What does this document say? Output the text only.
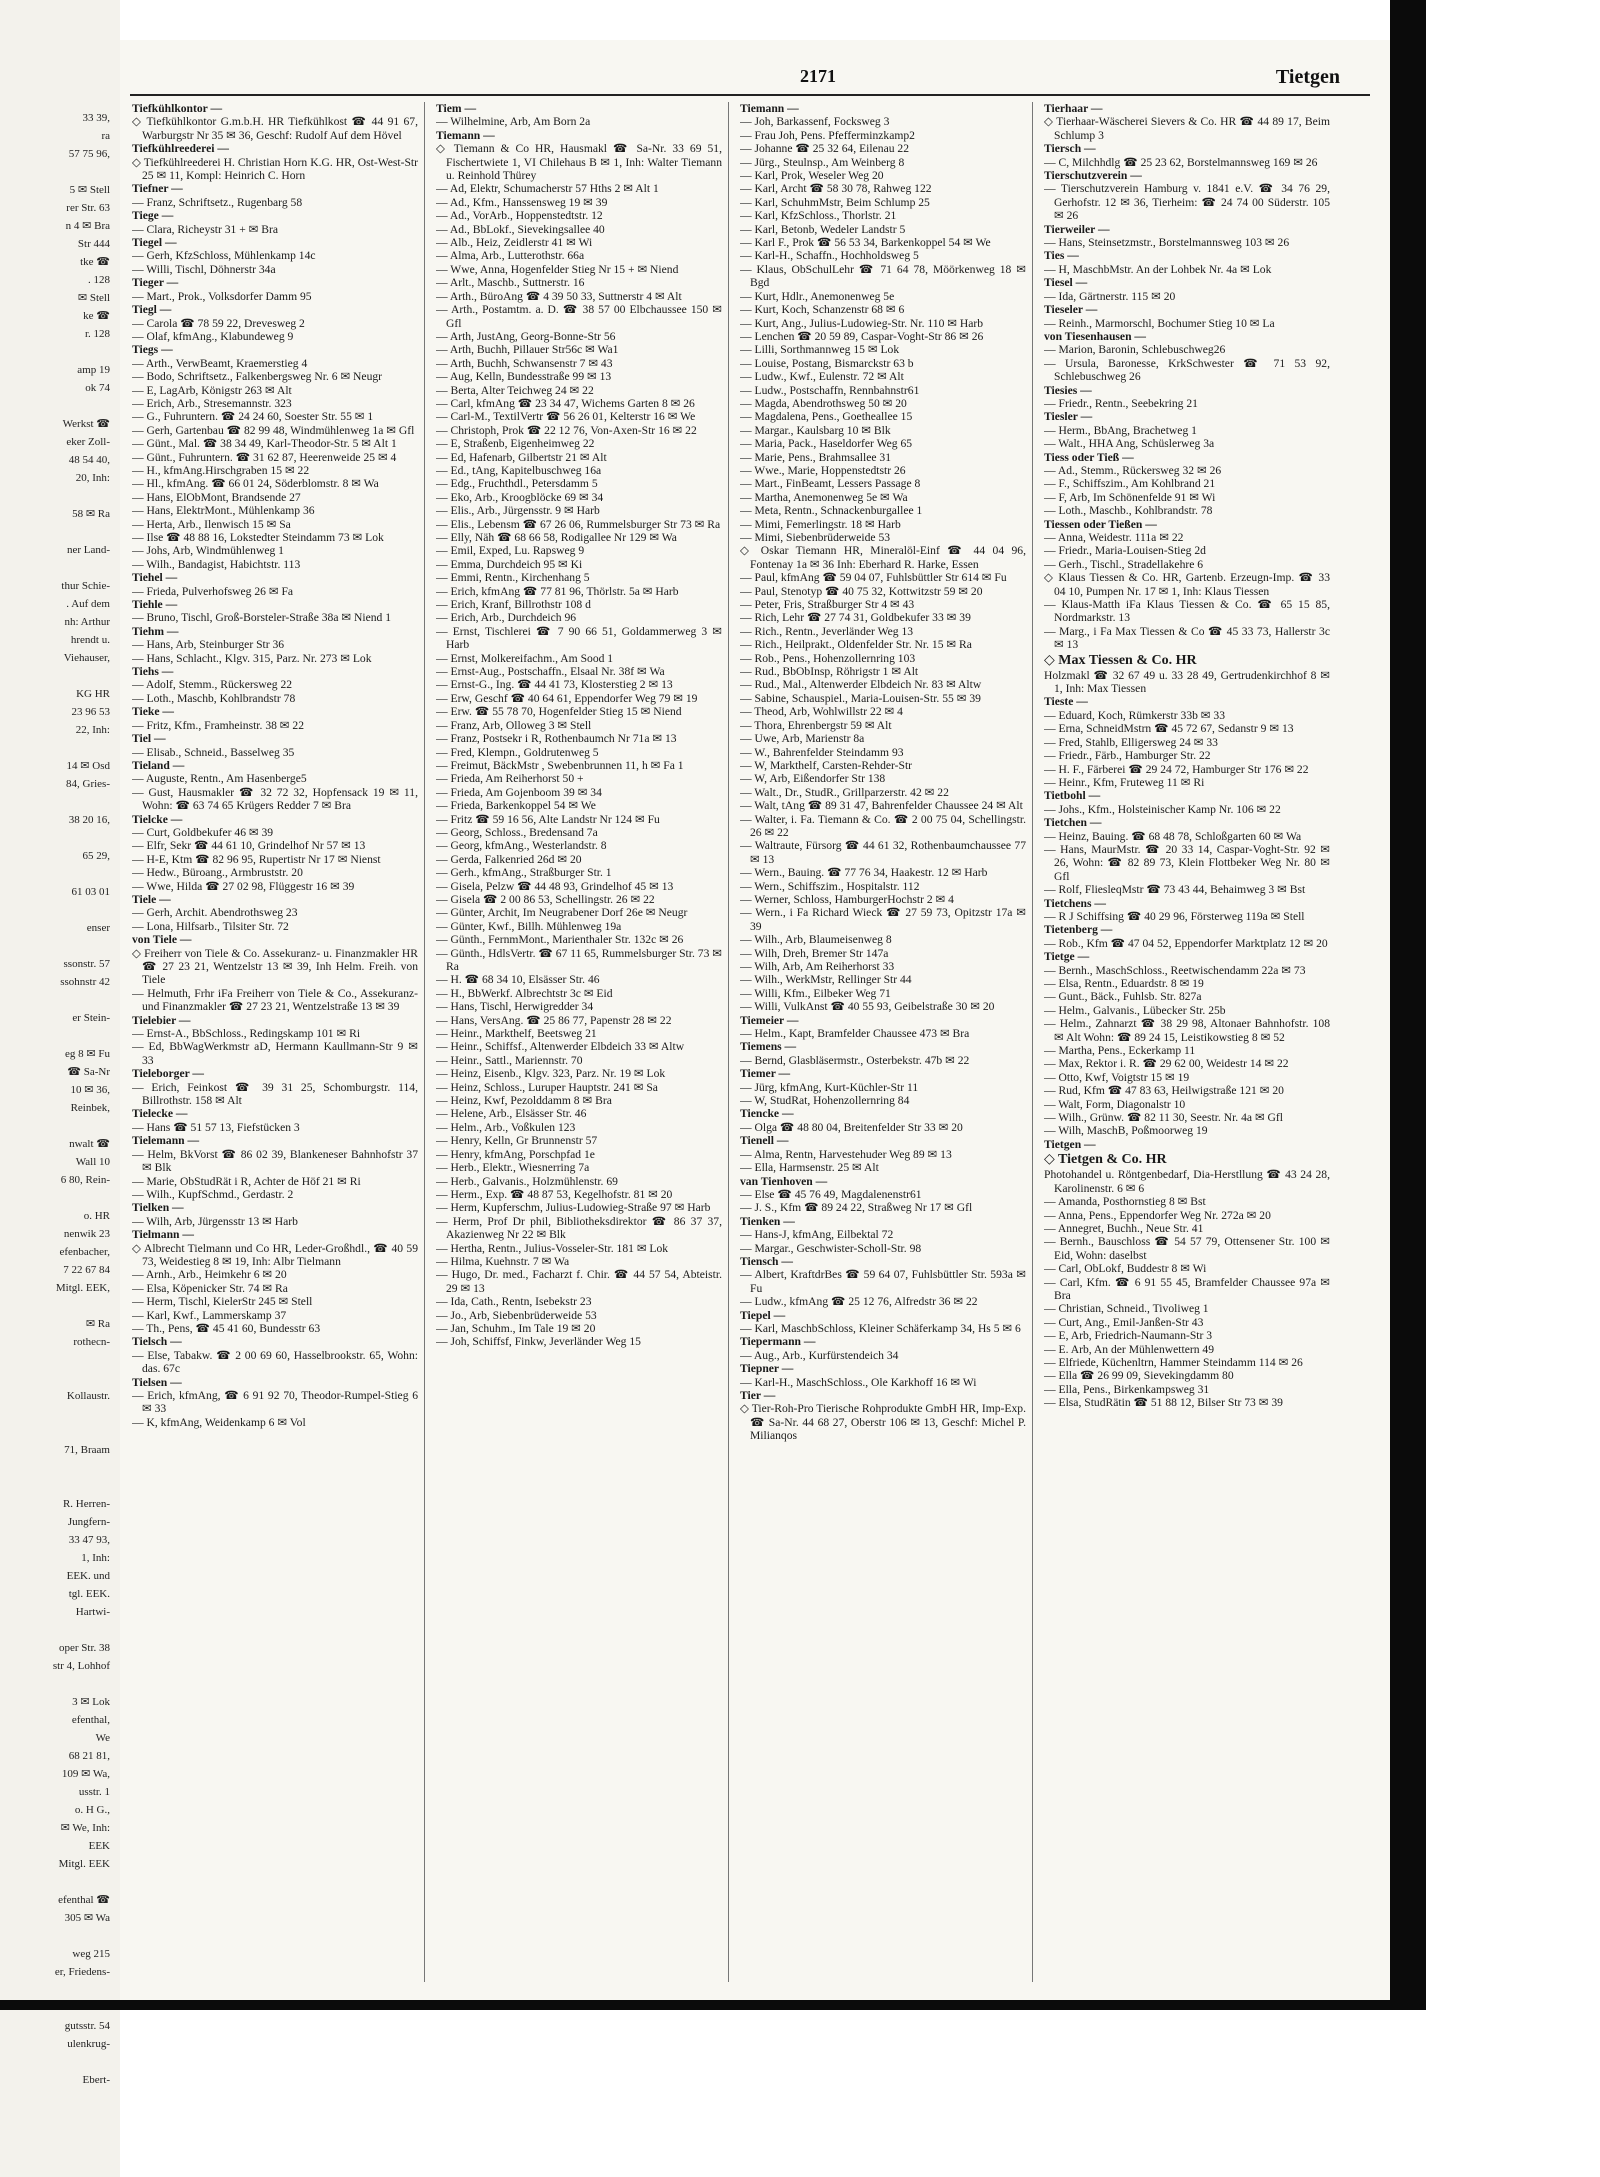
33 39,
ra
57 75 96,
5 ✉ Stell
rer Str. 63
n 4 ✉ Bra
Str 444
tke ☎
. 128
✉ Stell
ke ☎
r. 128
amp 19
ok 74
Werkst ☎
eker Zoll-
48 54 40,
20, Inh:
58 ✉ Ra
ner Land-
thur Schie-
. Auf dem
nh: Arthur
hrendt u.
Viehauser,
KG HR
23 96 53
22, Inh:
14 ✉ Osd
84, Gries-
38 20 16,
65 29,
61 03 01
enser
ssonstr. 57
ssohnstr 42
er Stein-
eg 8 ✉ Fu
☎ Sa-Nr
10 ✉ 36,
Reinbek,
nwalt ☎
Wall 10
6 80, Rein-
o. HR
nenwik 23
efenbacher,
7 22 67 84
Mitgl. EEK,
✉ Ra
rothecn-
Kollaustr.
71, Braam
R. Herren-
Jungfern-
33 47 93,
1, Inh:
EEK. und
tgl. EEK.
Hartwi-
oper Str. 38
str 4, Lohhof
3 ✉ Lok
efenthal,
We
68 21 81,
109 ✉ Wa,
usstr. 1
o. H G.,
✉ We, Inh:
EEK
Mitgl. EEK
efenthal ☎
305 ✉ Wa
weg 215
er, Friedens-
gutsstr. 54
ulenkrug-
Ebert-
2171	Tietgen

Tiefkühlkontor —

◇ Tiefkühlkontor G.m.b.H. HR Tiefkühlkost ☎ 44 91 67, Warburgstr Nr 35 ✉ 36, Geschf: Rudolf Auf dem Hövel

Tiefkühlreederei —

◇ Tiefkühlreederei H. Christian Horn K.G. HR, Ost-West-Str 25 ✉ 11, Kompl: Heinrich C. Horn

Tiefner —

— Franz, Schriftsetz., Rugenbarg 58

Tiege —

— Clara, Richeystr 31 + ✉ Bra

Tiegel —

— Gerh, KfzSchloss, Mühlenkamp 14c

— Willi, Tischl, Döhnerstr 34a

Tieger —

— Mart., Prok., Volksdorfer Damm 95

Tiegl —

— Carola ☎ 78 59 22, Drevesweg 2

— Olaf, kfmAng., Klabundeweg 9

Tiegs —

— Arth., VerwBeamt, Kraemerstieg 4

— Bodo, Schriftsetz., Falkenbergsweg Nr. 6 ✉ Neugr

— E, LagArb, Königstr 263 ✉ Alt

— Erich, Arb., Stresemannstr. 323

— G., Fuhruntern. ☎ 24 24 60, Soester Str. 55 ✉ 1

— Gerh, Gartenbau ☎ 82 99 48, Windmühlenweg 1a ✉ Gfl

— Günt., Mal. ☎ 38 34 49, Karl-Theodor-Str. 5 ✉ Alt 1

— Günt., Fuhruntern. ☎ 31 62 87, Heerenweide 25 ✉ 4

— H., kfmAng.Hirschgraben 15 ✉ 22

— Hl., kfmAng. ☎ 66 01 24, Söderblomstr. 8 ✉ Wa

— Hans, ElObMont, Brandsende 27

— Hans, ElektrMont., Mühlenkamp 36

— Herta, Arb., Ilenwisch 15 ✉ Sa

— Ilse ☎ 48 88 16, Lokstedter Steindamm 73 ✉ Lok

— Johs, Arb, Windmühlenweg 1

— Wilh., Bandagist, Habichtstr. 113

Tiehel —

— Frieda, Pulverhofsweg 26 ✉ Fa

Tiehle —

— Bruno, Tischl, Groß-Borsteler-Straße 38a ✉ Niend 1

Tiehm —

— Hans, Arb, Steinburger Str 36

— Hans, Schlacht., Klgv. 315, Parz. Nr. 273 ✉ Lok

Tiehs —

— Adolf, Stemm., Rückersweg 22

— Loth., Maschb, Kohlbrandstr 78

Tieke —

— Fritz, Kfm., Framheinstr. 38 ✉ 22

Tiel —

— Elisab., Schneid., Basselweg 35

Tieland —

— Auguste, Rentn., Am Hasenberge5

— Gust, Hausmakler ☎ 32 72 32, Hopfensack 19 ✉ 11, Wohn: ☎ 63 74 65 Krügers Redder 7 ✉ Bra

Tielcke —

— Curt, Goldbekufer 46 ✉ 39

— Elfr, Sekr ☎ 44 61 10, Grindelhof Nr 57 ✉ 13

— H-E, Ktm ☎ 82 96 95, Rupertistr Nr 17 ✉ Nienst

— Hedw., Büroang., Armbruststr. 20

— Wwe, Hilda ☎ 27 02 98, Flüggestr 16 ✉ 39

Tiele —

— Gerh, Archit. Abendrothsweg 23

— Lona, Hilfsarb., Tilsiter Str. 72

von Tiele —

◇ Freiherr von Tiele & Co. Assekuranz- u. Finanzmakler HR ☎ 27 23 21, Wentzelstr 13 ✉ 39, Inh Helm. Freih. von Tiele

— Helmuth, Frhr iFa Freiherr von Tiele & Co., Assekuranz- und Finanzmakler ☎ 27 23 21, Wentzelstraße 13 ✉ 39

Tielebier —

— Ernst-A., BbSchloss., Redingskamp 101 ✉ Ri

— Ed, BbWagWerkmstr aD, Hermann Kaullmann-Str 9 ✉ 33

Tieleborger —

— Erich, Feinkost ☎ 39 31 25, Schomburgstr. 114, Billrothstr. 158 ✉ Alt

Tielecke —

— Hans ☎ 51 57 13, Fiefstücken 3

Tielemann —

— Helm, BkVorst ☎ 86 02 39, Blankeneser Bahnhofstr 37 ✉ Blk

— Marie, ObStudRät i R, Achter de Höf 21 ✉ Ri

— Wilh., KupfSchmd., Gerdastr. 2

Tielken —

— Wilh, Arb, Jürgensstr 13 ✉ Harb

Tielmann —

◇ Albrecht Tielmann und Co HR, Leder-Großhdl., ☎ 40 59 73, Weidestieg 8 ✉ 19, Inh: Albr Tielmann

— Arnh., Arb., Heimkehr 6 ✉ 20

— Elsa, Köpenicker Str. 74 ✉ Ra

— Herm, Tischl, KielerStr 245 ✉ Stell

— Karl, Kwf., Lammerskamp 37

— Th., Pens, ☎ 45 41 60, Bundesstr 63

Tielsch —

— Else, Tabakw. ☎ 2 00 69 60, Hasselbrookstr. 65, Wohn: das. 67c

Tielsen —

— Erich, kfmAng, ☎ 6 91 92 70, Theodor-Rumpel-Stieg 6 ✉ 33

— K, kfmAng, Weidenkamp 6 ✉ Vol

Tiem —

— Wilhelmine, Arb, Am Born 2a

Tiemann —

◇ Tiemann & Co HR, Hausmakl ☎ Sa-Nr. 33 69 51, Fischertwiete 1, VI Chilehaus B ✉ 1, Inh: Walter Tiemann u. Reinhold Thürey

— Ad, Elektr, Schumacherstr 57 Hths 2 ✉ Alt 1

— Ad., Kfm., Hanssensweg 19 ✉ 39

— Ad., VorArb., Hoppenstedtstr. 12

— Ad., BbLokf., Sievekingsallee 40

— Alb., Heiz, Zeidlerstr 41 ✉ Wi

— Alma, Arb., Lutterothstr. 66a

— Wwe, Anna, Hogenfelder Stieg Nr 15 + ✉ Niend

— Arlt., Maschb., Suttnerstr. 16

— Arth., BüroAng ☎ 4 39 50 33, Suttnerstr 4 ✉ Alt

— Arth., Postamtm. a. D. ☎ 38 57 00 Elbchaussee 150 ✉ Gfl

— Arth, JustAng, Georg-Bonne-Str 56

— Arth, Buchh, Pillauer Str56c ✉ Wa1

— Arth, Buchh, Schwansenstr 7 ✉ 43

— Aug, Kelln, Bundesstraße 99 ✉ 13

— Berta, Alter Teichweg 24 ✉ 22

— Carl, kfmAng ☎ 23 34 47, Wichems Garten 8 ✉ 26

— Carl-M., TextilVertr ☎ 56 26 01, Kelterstr 16 ✉ We

— Christoph, Prok ☎ 22 12 76, Von-Axen-Str 16 ✉ 22

— E, Straßenb, Eigenheimweg 22

— Ed, Hafenarb, Gilbertstr 21 ✉ Alt

— Ed., tAng, Kapitelbuschweg 16a

— Edg., Fruchthdl., Petersdamm 5

— Eko, Arb., Kroogblöcke 69 ✉ 34

— Elis., Arb., Jürgensstr. 9 ✉ Harb

— Elis., Lebensm ☎ 67 26 06, Rummelsburger Str 73 ✉ Ra

— Elly, Näh ☎ 68 66 58, Rodigallee Nr 129 ✉ Wa

— Emil, Exped, Lu. Rapsweg 9

— Emma, Durchdeich 95 ✉ Ki

— Emmi, Rentn., Kirchenhang 5

— Erich, kfmAng ☎ 77 81 96, Thörlstr. 5a ✉ Harb

— Erich, Kranf, Billrothstr 108 d

— Erich, Arb., Durchdeich 96

— Ernst, Tischlerei ☎ 7 90 66 51, Goldammerweg 3 ✉ Harb

— Ernst, Molkereifachm., Am Sood 1

— Ernst-Aug., Postschaffn., Elsaal Nr. 38f ✉ Wa

— Ernst-G., Ing. ☎ 44 41 73, Klosterstieg 2 ✉ 13

— Erw, Geschf ☎ 40 64 61, Eppendorfer Weg 79 ✉ 19

— Erw. ☎ 55 78 70, Hogenfelder Stieg 15 ✉ Niend

— Franz, Arb, Olloweg 3 ✉ Stell

— Franz, Postsekr i R, Rothenbaumch Nr 71a ✉ 13

— Fred, Klempn., Goldrutenweg 5

— Freimut, BäckMstr , Swebenbrunnen 11, h ✉ Fa 1

— Frieda, Am Reiherhorst 50 +

— Frieda, Am Gojenboom 39 ✉ 34

— Frieda, Barkenkoppel 54 ✉ We

— Fritz ☎ 59 16 56, Alte Landstr Nr 124 ✉ Fu

— Georg, Schloss., Bredensand 7a

— Georg, kfmAng., Westerlandstr. 8

— Gerda, Falkenried 26d ✉ 20

— Gerh., kfmAng., Straßburger Str. 1

— Gisela, Pelzw ☎ 44 48 93, Grindelhof 45 ✉ 13

— Gisela ☎ 2 00 86 53, Schellingstr. 26 ✉ 22

— Günter, Archit, Im Neugrabener Dorf 26e ✉ Neugr

— Günter, Kwf., Billh. Mühlenweg 19a

— Günth., FernmMont., Marienthaler Str. 132c ✉ 26

— Günth., HdlsVertr. ☎ 67 11 65, Rummelsburger Str. 73 ✉ Ra

— H. ☎ 68 34 10, Elsässer Str. 46

— H., BbWerkf. Albrechtstr 3c ✉ Eid

— Hans, Tischl, Herwigredder 34

— Hans, VersAng. ☎ 25 86 77, Papenstr 28 ✉ 22

— Heinr., Markthelf, Beetsweg 21

— Heinr., Schiffsf., Altenwerder Elbdeich 33 ✉ Altw

— Heinr., Sattl., Mariennstr. 70

— Heinz, Eisenb., Klgv. 323, Parz. Nr. 19 ✉ Lok

— Heinz, Schloss., Luruper Hauptstr. 241 ✉ Sa

— Heinz, Kwf, Pezolddamm 8 ✉ Bra

— Helene, Arb., Elsässer Str. 46

— Helm., Arb., Voßkulen 123

— Henry, Kelln, Gr Brunnenstr 57

— Henry, kfmAng, Porschpfad 1e

— Herb., Elektr., Wiesnerring 7a

— Herb., Galvanis., Holzmühlenstr. 69

— Herm., Exp. ☎ 48 87 53, Kegelhofstr. 81 ✉ 20

— Herm, Kupferschm, Julius-Ludowieg-Straße 97 ✉ Harb

— Herm, Prof Dr phil, Bibliotheksdirektor ☎ 86 37 37, Akazienweg Nr 22 ✉ Blk

— Hertha, Rentn., Julius-Vosseler-Str. 181 ✉ Lok

— Hilma, Kuehnstr. 7 ✉ Wa

— Hugo, Dr. med., Facharzt f. Chir. ☎ 44 57 54, Abteistr. 29 ✉ 13

— Ida, Cath., Rentn, Isebekstr 23

— Jo., Arb, Siebenbrüderweide 53

— Jan, Schuhm., Im Tale 19 ✉ 20

— Joh, Schiffsf, Finkw, Jeverländer Weg 15

Tiemann —

— Joh, Barkassenf, Focksweg 3

— Frau Joh, Pens. Pfefferminzkamp2

— Johanne ☎ 25 32 64, Eilenau 22

— Jürg., Steulnsp., Am Weinberg 8

— Karl, Prok, Weseler Weg 20

— Karl, Archt ☎ 58 30 78, Rahweg 122

— Karl, SchuhmMstr, Beim Schlump 25

— Karl, KfzSchloss., Thorlstr. 21

— Karl, Betonb, Wedeler Landstr 5

— Karl F., Prok ☎ 56 53 34, Barkenkoppel 54 ✉ We

— Karl-H., Schaffn., Hochholdsweg 5

— Klaus, ObSchulLehr ☎ 71 64 78, Möörkenweg 18 ✉ Bgd

— Kurt, Hdlr., Anemonenweg 5e

— Kurt, Koch, Schanzenstr 68 ✉ 6

— Kurt, Ang., Julius-Ludowieg-Str. Nr. 110 ✉ Harb

— Lenchen ☎ 20 59 89, Caspar-Voght-Str 86 ✉ 26

— Lilli, Sorthmannweg 15 ✉ Lok

— Louise, Postang, Bismarckstr 63 b

— Ludw., Kwf., Eulenstr. 72 ✉ Alt

— Ludw., Postschaffn, Rennbahnstr61

— Magda, Abendrothsweg 50 ✉ 20

— Magdalena, Pens., Goetheallee 15

— Margar., Kaulsbarg 10 ✉ Blk

— Maria, Pack., Haseldorfer Weg 65

— Marie, Pens., Brahmsallee 31

— Wwe., Marie, Hoppenstedtstr 26

— Mart., FinBeamt, Lessers Passage 8

— Martha, Anemonenweg 5e ✉ Wa

— Meta, Rentn., Schnackenburgallee 1

— Mimi, Femerlingstr. 18 ✉ Harb

— Mimi, Siebenbrüderweide 53

◇ Oskar Tiemann HR, Mineralöl-Einf ☎ 44 04 96, Fontenay 1a ✉ 36 Inh: Eberhard R. Harke, Essen

— Paul, kfmAng ☎ 59 04 07, Fuhlsbüttler Str 614 ✉ Fu

— Paul, Stenotyp ☎ 40 75 32, Kottwitzstr 59 ✉ 20

— Peter, Fris, Straßburger Str 4 ✉ 43

— Rich, Lehr ☎ 27 74 31, Goldbekufer 33 ✉ 39

— Rich., Rentn., Jeverländer Weg 13

— Rich., Heilprakt., Oldenfelder Str. Nr. 15 ✉ Ra

— Rob., Pens., Hohenzollernring 103

— Rud., BbObInsp, Röhrigstr 1 ✉ Alt

— Rud., Mal., Altenwerder Elbdeich Nr. 83 ✉ Altw

— Sabine, Schauspiel., Maria-Louisen-Str. 55 ✉ 39

— Theod, Arb, Wohlwillstr 22 ✉ 4

— Thora, Ehrenbergstr 59 ✉ Alt

— Uwe, Arb, Marienstr 8a

— W., Bahrenfelder Steindamm 93

— W, Markthelf, Carsten-Rehder-Str

— W, Arb, Eißendorfer Str 138

— Walt., Dr., StudR., Grillparzerstr. 42 ✉ 22

— Walt, tAng ☎ 89 31 47, Bahrenfelder Chaussee 24 ✉ Alt

— Walter, i. Fa. Tiemann & Co. ☎ 2 00 75 04, Schellingstr. 26 ✉ 22

— Waltraute, Fürsorg ☎ 44 61 32, Rothenbaumchaussee 77 ✉ 13

— Wern., Bauing. ☎ 77 76 34, Haakestr. 12 ✉ Harb

— Wern., Schiffszim., Hospitalstr. 112

— Werner, Schloss, HamburgerHochstr 2 ✉ 4

— Wern., i Fa Richard Wieck ☎ 27 59 73, Opitzstr 17a ✉ 39

— Wilh., Arb, Blaumeisenweg 8

— Wilh, Dreh, Bremer Str 147a

— Wilh, Arb, Am Reiherhorst 33

— Wilh., WerkMstr, Rellinger Str 44

— Willi, Kfm., Eilbeker Weg 71

— Willi, VulkAnst ☎ 40 55 93, Geibelstraße 30 ✉ 20

Tiemeier —

— Helm., Kapt, Bramfelder Chaussee 473 ✉ Bra

Tiemens —

— Bernd, Glasbläsermstr., Osterbekstr. 47b ✉ 22

Tiemer —

— Jürg, kfmAng, Kurt-Küchler-Str 11

— W, StudRat, Hohenzollernring 84

Tiencke —

— Olga ☎ 48 80 04, Breitenfelder Str 33 ✉ 20

Tienell —

— Alma, Rentn, Harvestehuder Weg 89 ✉ 13

— Ella, Harmsenstr. 25 ✉ Alt

van Tienhoven —

— Else ☎ 45 76 49, Magdalenenstr61

— J. S., Kfm ☎ 89 24 22, Straßweg Nr 17 ✉ Gfl

Tienken —

— Hans-J, kfmAng, Eilbektal 72

— Margar., Geschwister-Scholl-Str. 98

Tiensch —

— Albert, KraftdrBes ☎ 59 64 07, Fuhlsbüttler Str. 593a ✉ Fu

— Ludw., kfmAng ☎ 25 12 76, Alfredstr 36 ✉ 22

Tiepel —

— Karl, MaschbSchloss, Kleiner Schäferkamp 34, Hs 5 ✉ 6

Tiepermann —

— Aug., Arb., Kurfürstendeich 34

Tiepner —

— Karl-H., MaschSchloss., Ole Karkhoff 16 ✉ Wi

Tier —

◇ Tier-Roh-Pro Tierische Rohprodukte GmbH HR, Imp-Exp. ☎ Sa-Nr. 44 68 27, Oberstr 106 ✉ 13, Geschf: Michel P. Milianqos

Tierhaar —

◇ Tierhaar-Wäscherei Sievers & Co. HR ☎ 44 89 17, Beim Schlump 3

Tiersch —

— C, Milchhdlg ☎ 25 23 62, Borstelmannsweg 169 ✉ 26

Tierschutzverein —

— Tierschutzverein Hamburg v. 1841 e.V. ☎ 34 76 29, Gerhofstr. 12 ✉ 36, Tierheim: ☎ 24 74 00 Süderstr. 105 ✉ 26

Tierweiler —

— Hans, Steinsetzmstr., Borstelmannsweg 103 ✉ 26

Ties —

— H, MaschbMstr. An der Lohbek Nr. 4a ✉ Lok

Tiesel —

— Ida, Gärtnerstr. 115 ✉ 20

Tieseler —

— Reinh., Marmorschl, Bochumer Stieg 10 ✉ La

von Tiesenhausen —

— Marion, Baronin, Schlebuschweg26

— Ursula, Baronesse, KrkSchwester ☎ 71 53 92, Schlebuschweg 26

Tiesies —

— Friedr., Rentn., Seebekring 21

Tiesler —

— Herm., BbAng, Brachetweg 1

— Walt., HHA Ang, Schüslerweg 3a

Tiess oder Tieß —

— Ad., Stemm., Rückersweg 32 ✉ 26

— F., Schiffszim., Am Kohlbrand 21

— F, Arb, Im Schönenfelde 91 ✉ Wi

— Loth., Maschb., Kohlbrandstr. 78

Tiessen oder Tießen —

— Anna, Weidestr. 111a ✉ 22

— Friedr., Maria-Louisen-Stieg 2d

— Gerh., Tischl., Stradellakehre 6

◇ Klaus Tiessen & Co. HR, Gartenb. Erzeugn-Imp. ☎ 33 04 10, Pumpen Nr. 17 ✉ 1, Inh: Klaus Tiessen

— Klaus-Matth iFa Klaus Tiessen & Co. ☎ 65 15 85, Nordmarkstr. 13

— Marg., i Fa Max Tiessen & Co ☎ 45 33 73, Hallerstr 3c ✉ 13

◇ Max Tiessen & Co. HR

Holzmakl ☎ 32 67 49 u. 33 28 49, Gertrudenkirchhof 8 ✉ 1, Inh: Max Tiessen

Tieste —

— Eduard, Koch, Rümkerstr 33b ✉ 33

— Erna, SchneidMstrn ☎ 45 72 67, Sedanstr 9 ✉ 13

— Fred, Stahlb, Elligersweg 24 ✉ 33

— Friedr., Färb., Hamburger Str. 22

— H. F., Färberei ☎ 29 24 72, Hamburger Str 176 ✉ 22

— Heinr., Kfm, Fruteweg 11 ✉ Ri

Tietbohl —

— Johs., Kfm., Holsteinischer Kamp Nr. 106 ✉ 22

Tietchen —

— Heinz, Bauing. ☎ 68 48 78, Schloßgarten 60 ✉ Wa

— Hans, MaurMstr. ☎ 20 33 14, Caspar-Voght-Str. 92 ✉ 26, Wohn: ☎ 82 89 73, Klein Flottbeker Weg Nr. 80 ✉ Gfl

— Rolf, FliesleqMstr ☎ 73 43 44, Behaimweg 3 ✉ Bst

Tietchens —

— R J Schiffsing ☎ 40 29 96, Försterweg 119a ✉ Stell

Tietenberg —

— Rob., Kfm ☎ 47 04 52, Eppendorfer Marktplatz 12 ✉ 20

Tietge —

— Bernh., MaschSchloss., Reetwischendamm 22a ✉ 73

— Elsa, Rentn., Eduardstr. 8 ✉ 19

— Gunt., Bäck., Fuhlsb. Str. 827a

— Helm., Galvanis., Lübecker Str. 25b

— Helm., Zahnarzt ☎ 38 29 98, Altonaer Bahnhofstr. 108 ✉ Alt Wohn: ☎ 89 24 15, Leistikowstieg 8 ✉ 52

— Martha, Pens., Eckerkamp 11

— Max, Rektor i. R. ☎ 29 62 00, Weidestr 14 ✉ 22

— Otto, Kwf, Voigtstr 15 ✉ 19

— Rud, Kfm ☎ 47 83 63, Heilwigstraße 121 ✉ 20

— Walt, Form, Diagonalstr 10

— Wilh., Grünw. ☎ 82 11 30, Seestr. Nr. 4a ✉ Gfl

— Wilh, MaschB, Poßmoorweg 19

Tietgen —

◇ Tietgen & Co. HR

Photohandel u. Röntgenbedarf, Dia-Herstllung ☎ 43 24 28, Karolinenstr. 6 ✉ 6

— Amanda, Posthornstieg 8 ✉ Bst

— Anna, Pens., Eppendorfer Weg Nr. 272a ✉ 20

— Annegret, Buchh., Neue Str. 41

— Bernh., Bauschloss ☎ 54 57 79, Ottensener Str. 100 ✉ Eid, Wohn: daselbst

— Carl, ObLokf, Buddestr 8 ✉ Wi

— Carl, Kfm. ☎ 6 91 55 45, Bramfelder Chaussee 97a ✉ Bra

— Christian, Schneid., Tivoliweg 1

— Curt, Ang., Emil-Janßen-Str 43

— E, Arb, Friedrich-Naumann-Str 3

— E. Arb, An der Mühlenwettern 49

— Elfriede, Küchenltrn, Hammer Steindamm 114 ✉ 26

— Ella ☎ 26 99 09, Sievekingdamm 80

— Ella, Pens., Birkenkampsweg 31

— Elsa, StudRätin ☎ 51 88 12, Bilser Str 73 ✉ 39
